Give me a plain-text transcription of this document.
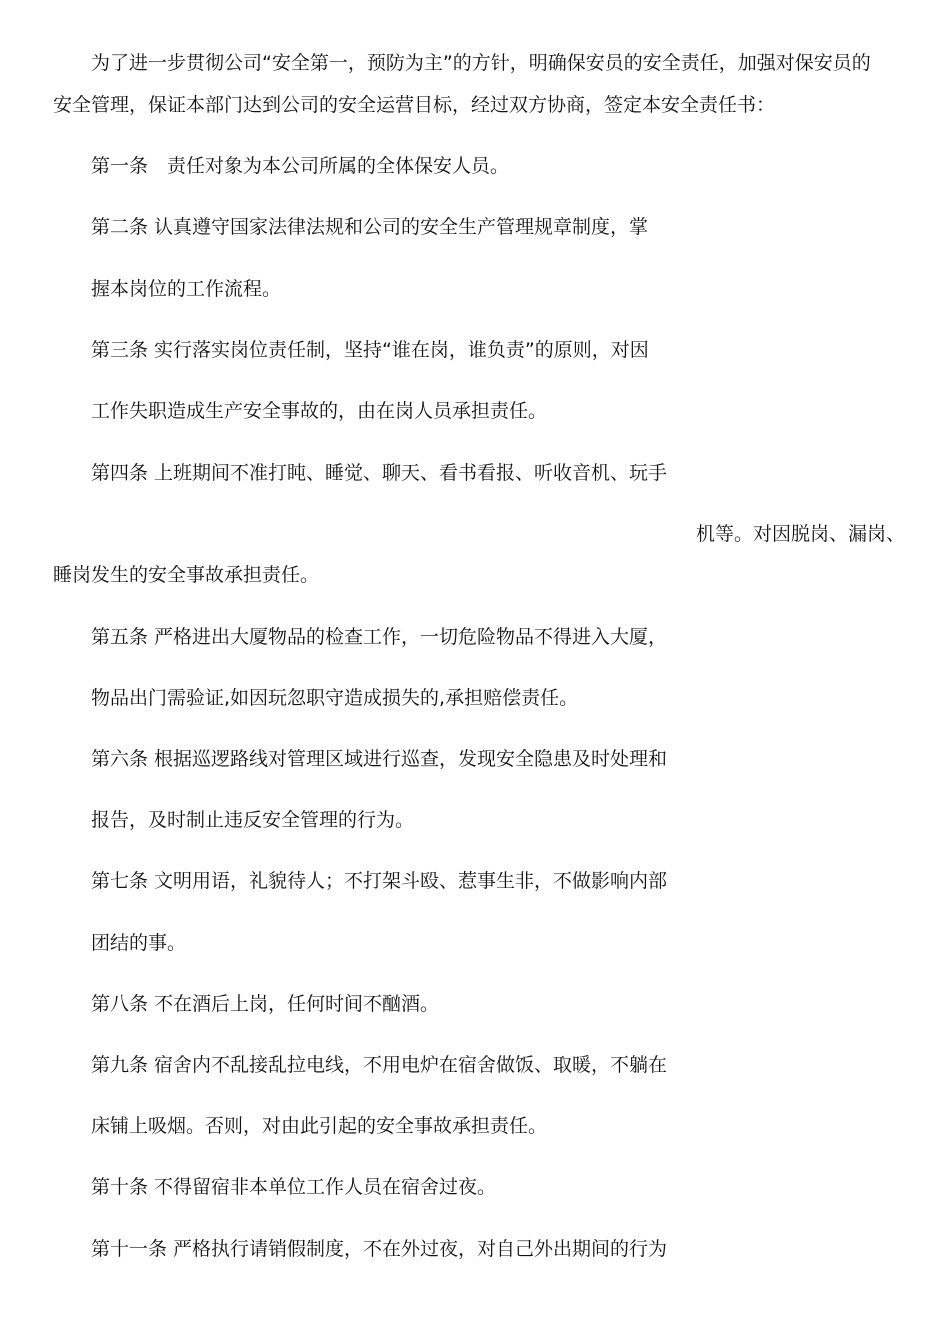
为了进一步贯彻公司“安全第一，预防为主”的方针，明确保安员的安全责任，加强对保安员的
安全管理，保证本部门达到公司的安全运营目标，经过双方协商，签定本安全责任书：
第一条　责任对象为本公司所属的全体保安人员。
第二条 认真遵守国家法律法规和公司的安全生产管理规章制度，掌
握本岗位的工作流程。
第三条 实行落实岗位责任制，坚持“谁在岗，谁负责”的原则，对因
工作失职造成生产安全事故的，由在岗人员承担责任。
第四条 上班期间不准打盹、睡觉、聊天、看书看报、听收音机、玩手
机等。对因脱岗、漏岗、
睡岗发生的安全事故承担责任。
第五条 严格进出大厦物品的检查工作，一切危险物品不得进入大厦，
物品出门需验证,如因玩忽职守造成损失的,承担赔偿责任。
第六条 根据巡逻路线对管理区域进行巡查，发现安全隐患及时处理和
报告，及时制止违反安全管理的行为。
第七条 文明用语，礼貌待人；不打架斗殴、惹事生非，不做影响内部
团结的事。
第八条 不在酒后上岗，任何时间不酗酒。
第九条 宿舍内不乱接乱拉电线，不用电炉在宿舍做饭、取暖，不躺在
床铺上吸烟。否则，对由此引起的安全事故承担责任。
第十条 不得留宿非本单位工作人员在宿舍过夜。
第十一条 严格执行请销假制度，不在外过夜，对自己外出期间的行为
